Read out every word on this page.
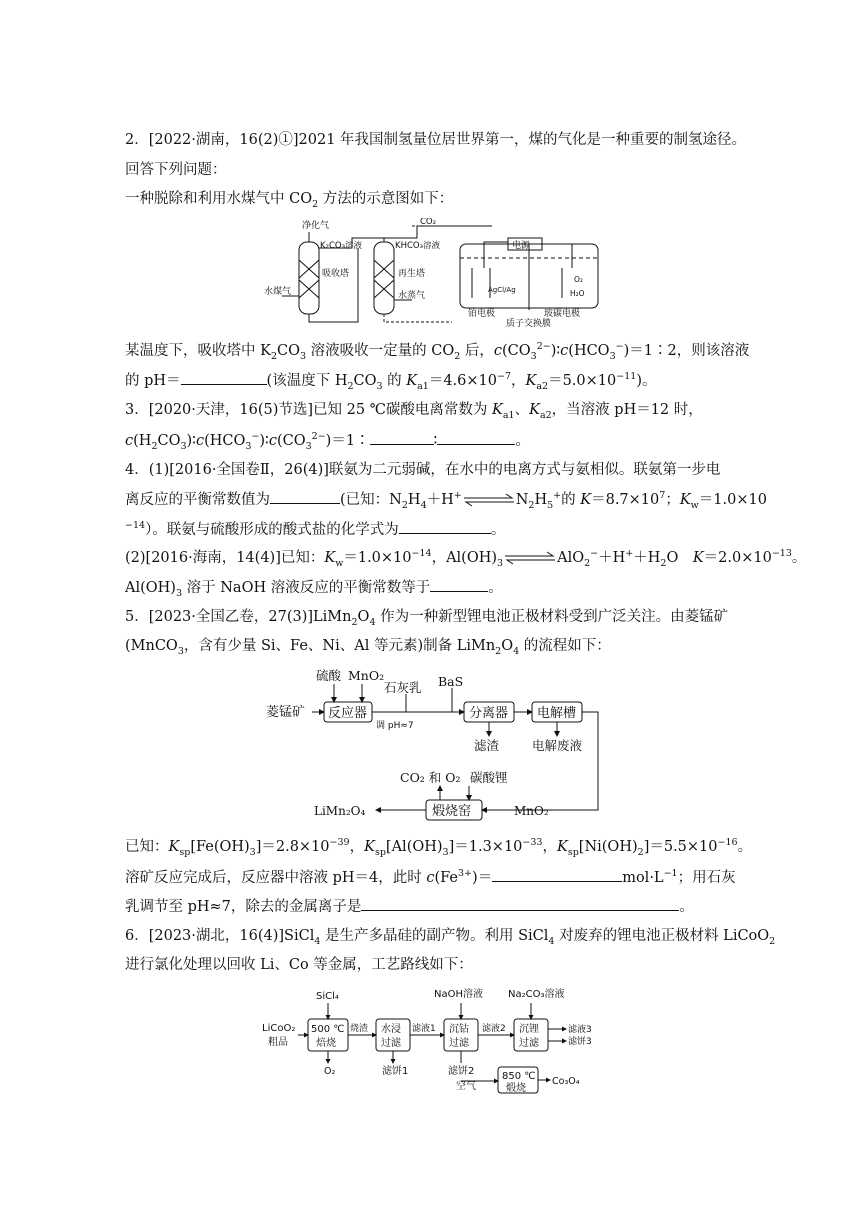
2．[2022·湖南，16(2)①]2021 年我国制氢量位居世界第一，煤的气化是一种重要的制氢途径。
回答下列问题：
一种脱除和利用水煤气中 $CO_2$ 方法的示意图如下：
净化气
K₂CO₃溶液
CO₂
KHCO₃溶液	电源
吸收塔	再生塔
水煤气	水蒸气
AgCl/Ag
O₂
H₂O
铂电极	玻碳电极
质子交换膜
某温度下，吸收塔中 $K_2CO_3$ 溶液吸收一定量的 $CO_2$ 后，$c(CO_3^{2-})∶c(HCO_3^-)=1∶2$，则该溶液
的 pH＝	(该温度下 $H_2CO_3$ 的 $K_{a1}=4.6\times 10^{-7}$，$K_{a2}=5.0\times 10^{-11}$)。
3．[2020·天津，16(5)节选]已知 25 ℃碳酸电离常数为 $K_{a1}$、$K_{a2}$，当溶液 pH＝12 时，
$c(H_2CO_3)∶c(HCO_3^-)∶c(CO_3^{2-})=1∶$	∶	。
4．(1)[2016·全国卷Ⅱ，26(4)]联氨为二元弱碱，在水中的电离方式与氨相似。联氨第一步电
离反应的平衡常数值为	(已知：$N_2H_4+H^+\rightleftharpoons N_2H_5^+$的 $K=8.7\times 10^7$；$K_w=1.0\times 10$
$^{-14}$）。联氨与硫酸形成的酸式盐的化学式为	。
(2)[2016·海南，14(4)]已知：$K_w=1.0\times 10^{-14}$，$Al(OH)_3\rightleftharpoons AlO_2^-+H^++H_2O$　$K=2.0\times 10^{-13}$。
$Al(OH)_3$ 溶于 NaOH 溶液反应的平衡常数等于	。
5．[2023·全国乙卷，$27(3)]LiMn_2O_4$ 作为一种新型锂电池正极材料受到广泛关注。由菱锰矿
(MnCO$_3$，含有少量 Si、Fe、Ni、Al 等元素)制备 $LiMn_2O_4$ 的流程如下：
硫酸 MnO₂
石灰乳 BaS
菱锰矿 反应器
调 pH≈7
分离器 电解槽
滤渣	电解废液
CO₂ 和 O₂ 碳酸锂
LiMn₂O₄	煅烧窑	MnO₂
已知：$K_{sp}[Fe(OH)_3]=2.8\times 10^{-39}$，$K_{sp}[Al(OH)_3]=1.3\times 10^{-33}$，$K_{sp}[Ni(OH)_2]=5.5\times 10^{-16}$。
溶矿反应完成后，反应器中溶液 pH＝4，此时 $c(Fe^{3+})=$	$mol\cdot L^{-1}$；用石灰
乳调节至 pH≈7，除去的金属离子是	。
6．[2023·湖北，16(4)]SiCl$_4$ 是生产多晶硅的副产物。利用 SiCl$_4$ 对废弃的锂电池正极材料 LiCoO$_2$
进行氯化处理以回收 Li、Co 等金属，工艺路线如下：
SiCl₄	NaOH溶液	Na₂CO₃溶液
LiCoO₂
粗品
500 ℃
焙烧
烧渣 水浸
过滤
滤液1 沉钴
过滤
滤液2 沉锂
过滤
滤液3
滤饼3
O₂	滤饼1	滤饼2
空气
850 ℃
煅烧
Co₃O₄
